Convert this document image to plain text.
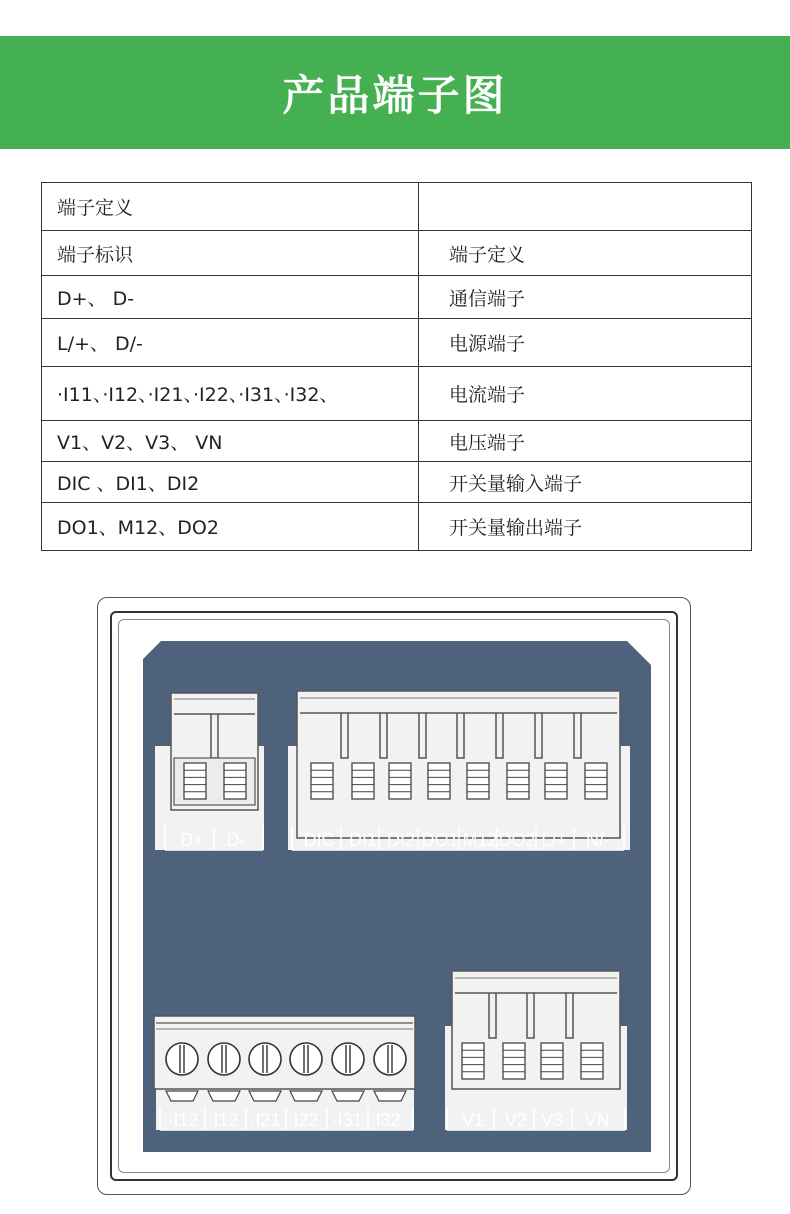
产品端子图
端子定义	
端子标识	端子定义
D+、 D-	通信端子
L/+、 D/-	电源端子
·I11、·I12、·I21、·I22、·I31、·I32、	电流端子
V1、V2、V3、 VN	电压端子
DIC 、DI1、DI2	开关量输入端子
DO1、M12、DO2	开关量输出端子
D+ D-	DIC DI1 DI2 DO1 M12 DO2 L/+ N/-
·I12 I12 ·I21 I22 ·I31 I32	V1 V2 V3 VN
